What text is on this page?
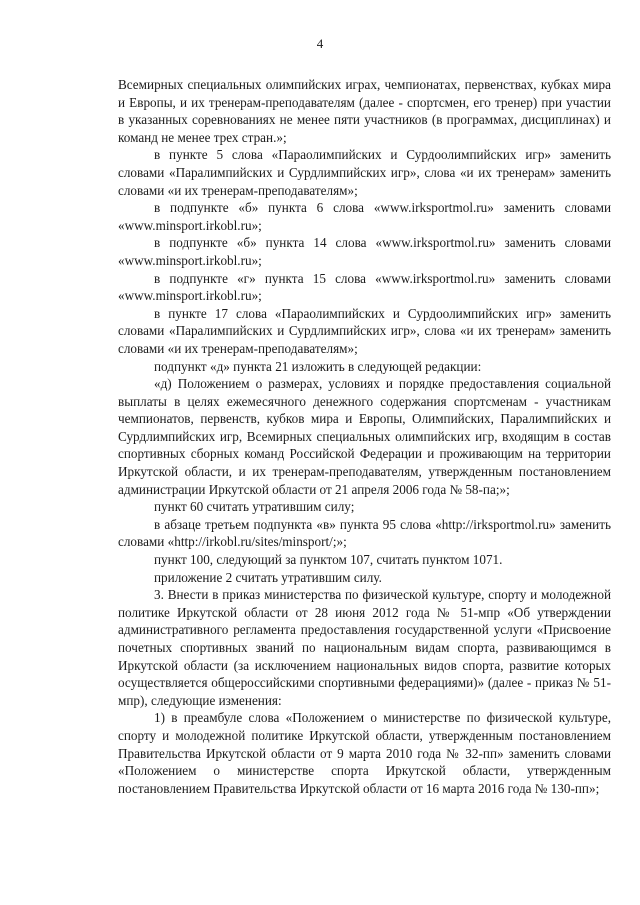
4

Всемирных специальных олимпийских играх, чемпионатах, первенствах, кубках мира и Европы, и их тренерам-преподавателям (далее - спортсмен, его тренер) при участии в указанных соревнованиях не менее пяти участников (в программах, дисциплинах) и команд не менее трех стран.»;

в пункте 5 слова «Параолимпийских и Сурдоолимпийских игр» заменить словами «Паралимпийских и Сурдлимпийских игр», слова «и их тренерам» заменить словами «и их тренерам-преподавателям»;

в подпункте «б» пункта 6 слова «www.irksportmol.ru» заменить словами «www.minsport.irkobl.ru»;

в подпункте «б» пункта 14 слова «www.irksportmol.ru» заменить словами «www.minsport.irkobl.ru»;

в подпункте «г» пункта 15 слова «www.irksportmol.ru» заменить словами «www.minsport.irkobl.ru»;

в пункте 17 слова «Параолимпийских и Сурдоолимпийских игр» заменить словами «Паралимпийских и Сурдлимпийских игр», слова «и их тренерам» заменить словами «и их тренерам-преподавателям»;

подпункт «д» пункта 21 изложить в следующей редакции:

«д) Положением о размерах, условиях и порядке предоставления социальной выплаты в целях ежемесячного денежного содержания спортсменам - участникам чемпионатов, первенств, кубков мира и Европы, Олимпийских, Паралимпийских и Сурдлимпийских игр, Всемирных специальных олимпийских игр, входящим в состав спортивных сборных команд Российской Федерации и проживающим на территории Иркутской области, и их тренерам-преподавателям, утвержденным постановлением администрации Иркутской области от 21 апреля 2006 года № 58-па;»;

пункт 60 считать утратившим силу;

в абзаце третьем подпункта «в» пункта 95 слова «http://irksportmol.ru» заменить словами «http://irkobl.ru/sites/minsport/;»;

пункт 100, следующий за пунктом 107, считать пунктом 1071.

приложение 2 считать утратившим силу.

3. Внести в приказ министерства по физической культуре, спорту и молодежной политике Иркутской области от 28 июня 2012 года № 51-мпр «Об утверждении административного регламента предоставления государственной услуги «Присвоение почетных спортивных званий по национальным видам спорта, развивающимся в Иркутской области (за исключением национальных видов спорта, развитие которых осуществляется общероссийскими спортивными федерациями)» (далее - приказ № 51-мпр), следующие изменения:

1) в преамбуле слова «Положением о министерстве по физической культуре, спорту и молодежной политике Иркутской области, утвержденным постановлением Правительства Иркутской области от 9 марта 2010 года № 32-пп» заменить словами «Положением о министерстве спорта Иркутской области, утвержденным постановлением Правительства Иркутской области от 16 марта 2016 года № 130-пп»;
